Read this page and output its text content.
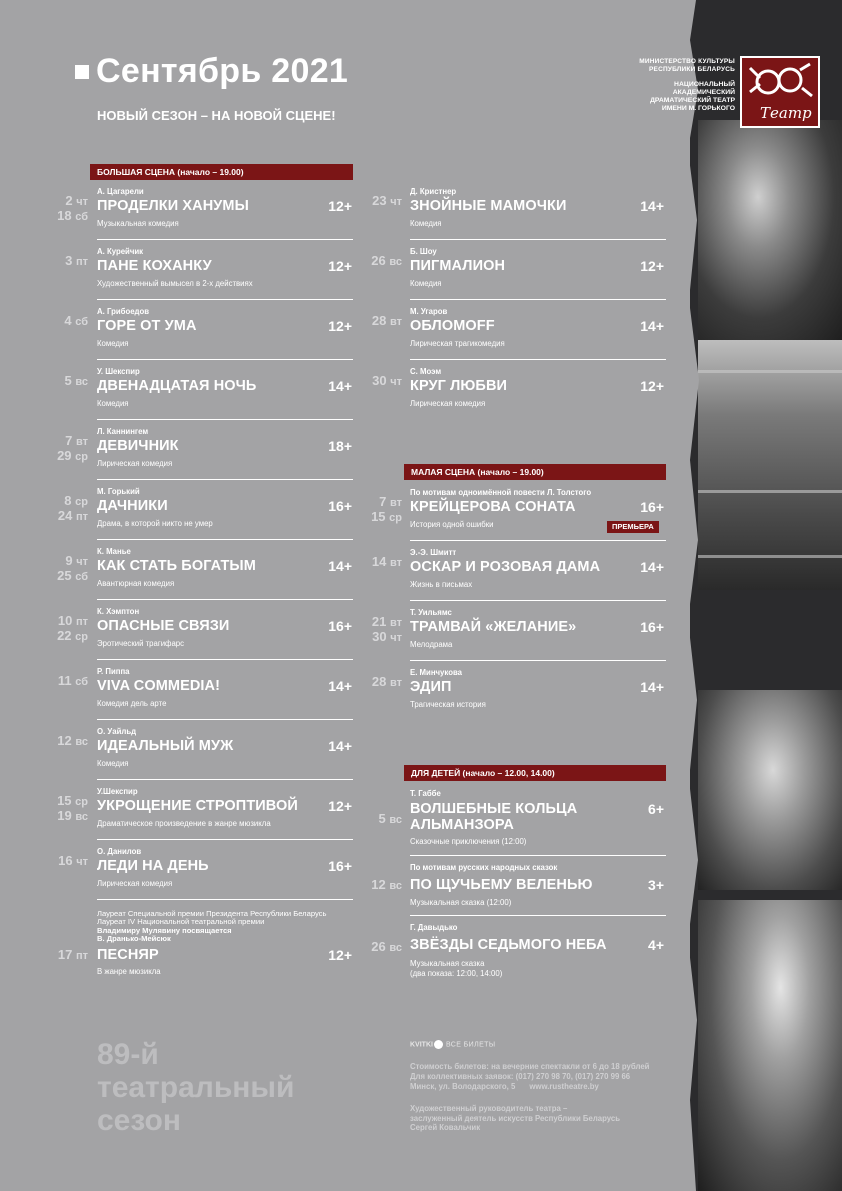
МИНИСТЕРСТВО КУЛЬТУРЫ
РЕСПУБЛИКИ БЕЛАРУСЬ
НАЦИОНАЛЬНЫЙ
АКАДЕМИЧЕСКИЙ
ДРАМАТИЧЕСКИЙ ТЕАТР
ИМЕНИ М. ГОРЬКОГО Театр
Сентябрь 2021
НОВЫЙ СЕЗОН – НА НОВОЙ СЦЕНЕ!
БОЛЬШАЯ СЦЕНА (начало – 19.00)
МАЛАЯ СЦЕНА (начало – 19.00)
ДЛЯ ДЕТЕЙ (начало – 12.00, 14.00)
2 чт
18 сб
А. Цагарели
ПРОДЕЛКИ ХАНУМЫ	12+
Музыкальная комедия
3 пт
А. Курейчик
ПАНЕ КОХАНКУ	12+
Художественный вымысел в 2-х действиях
4 сб
А. Грибоедов
ГОРЕ ОТ УМА	12+
Комедия
5 вс
У. Шекспир
ДВЕНАДЦАТАЯ НОЧЬ	14+
Комедия
7 вт
29 ср
Л. Каннингем
ДЕВИЧНИК	18+
Лирическая комедия
8 ср
24 пт
М. Горький
ДАЧНИКИ	16+
Драма, в которой никто не умер
9 чт
25 сб
К. Манье
КАК СТАТЬ БОГАТЫМ	14+
Авантюрная комедия
10 пт
22 ср
К. Хэмптон
ОПАСНЫЕ СВЯЗИ	16+
Эротический трагифарс
11 сб
Р. Пиппа
VIVA COMMEDIA!	14+
Комедия дель арте
12 вс
О. Уайльд
ИДЕАЛЬНЫЙ МУЖ	14+
Комедия
15 ср
19 вс
У.Шекспир
УКРОЩЕНИЕ СТРОПТИВОЙ	12+
Драматическое произведение в жанре мюзикла
16 чт
О. Данилов
ЛЕДИ НА ДЕНЬ	16+
Лирическая комедия
Лауреат Специальной премии Президента Республики Беларусь
Лауреат IV Национальной театральной премии
Владимиру Мулявину посвящается
В. Дранько-Мейсюк
17 пт ПЕСНЯР	12+
В жанре мюзикла
23 чт
Д. Кристнер
ЗНОЙНЫЕ МАМОЧКИ	14+
Комедия
26 вс
Б. Шоу
ПИГМАЛИОН	12+
Комедия
28 вт
М. Угаров
ОБЛОМOFF	14+
Лирическая трагикомедия
30 чт
С. Моэм
КРУГ ЛЮБВИ	12+
Лирическая комедия
7 вт
15 ср
По мотивам одноимённой повести Л. Толстого
КРЕЙЦЕРОВА СОНАТА	16+
История одной ошибки	ПРЕМЬЕРА
14 вт
Э.-Э. Шмитт
ОСКАР И РОЗОВАЯ ДАМА	14+
Жизнь в письмах
21 вт
30 чт
Т. Уильямс
ТРАМВАЙ «ЖЕЛАНИЕ»	16+
Мелодрама
28 вт
Е. Минчукова
ЭДИП	14+
Трагическая история
5 вс
Т. Габбе
ВОЛШЕБНЫЕ КОЛЬЦА
АЛЬМАНЗОРА
6+
Сказочные приключения (12:00)
12 вс
По мотивам русских народных сказок
ПО ЩУЧЬЕМУ ВЕЛЕНЬЮ	3+
Музыкальная сказка (12:00)
26 вс
Г. Давыдько
ЗВЁЗДЫ СЕДЬМОГО НЕБА	4+
Музыкальная сказка
(два показа: 12:00, 14:00)
89-й
театральный
сезон
KVITKI ВСЕ БИЛЕТЫ
Стоимость билетов: на вечерние спектакли от 6 до 18 рублей
Для коллективных заявок: (017) 270 98 70, (017) 270 99 66
Минск, ул. Володарского, 5 www.rustheatre.by
Художественный руководитель театра –
заслуженный деятель искусств Республики Беларусь
Сергей Ковальчик
